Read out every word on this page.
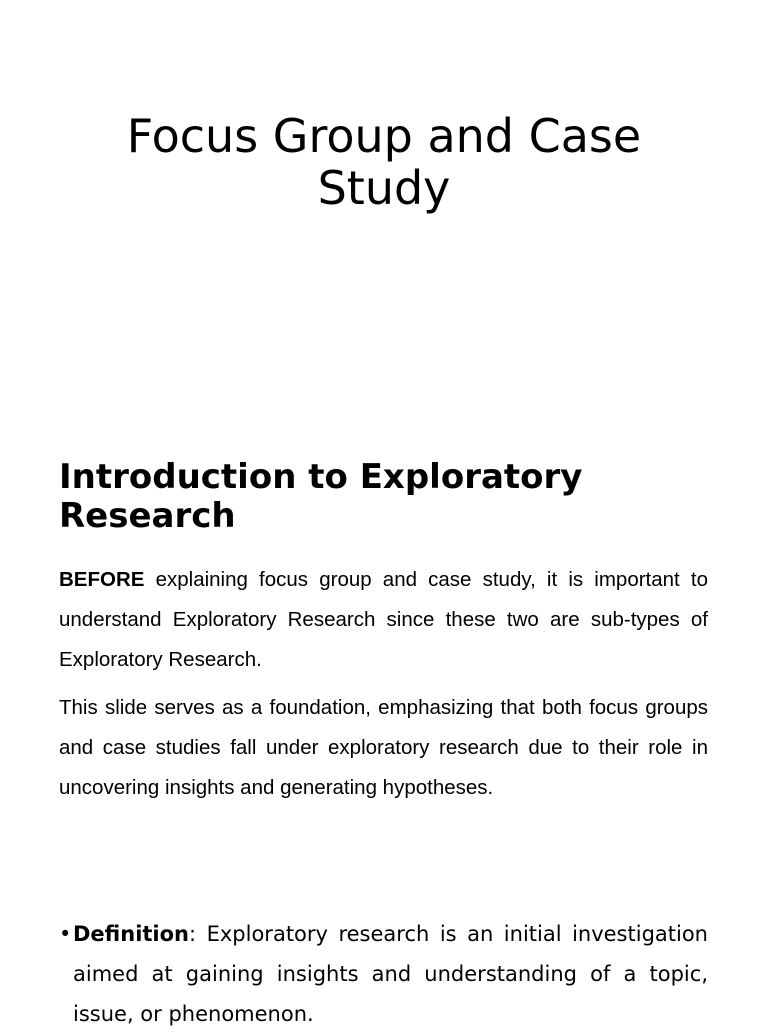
Focus Group and Case Study
Introduction to Exploratory Research

BEFORE explaining focus group and case study, it is important to understand Exploratory Research since these two are sub-types of Exploratory Research.

This slide serves as a foundation, emphasizing that both focus groups and case studies fall under exploratory research due to their role in uncovering insights and generating hypotheses.

• Definition: Exploratory research is an initial investigation aimed at gaining insights and understanding of a topic, issue, or phenomenon.
